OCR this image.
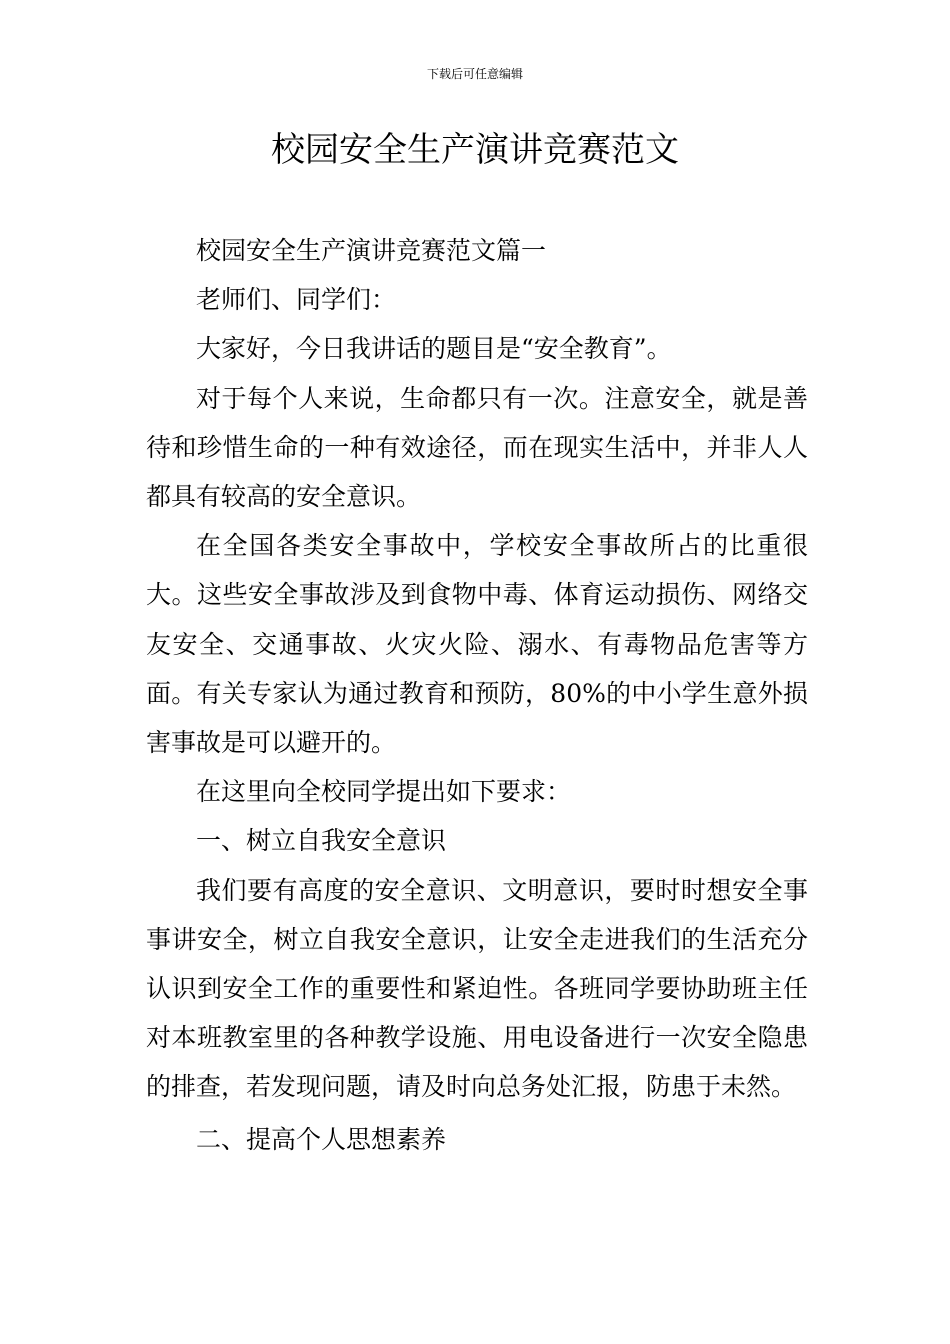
下载后可任意编辑
校园安全生产演讲竞赛范文

校园安全生产演讲竞赛范文篇一

老师们、同学们：

大家好，今日我讲话的题目是“安全教育”。

对于每个人来说，生命都只有一次。注意安全，就是善待和珍惜生命的一种有效途径，而在现实生活中，并非人人都具有较高的安全意识。

在全国各类安全事故中，学校安全事故所占的比重很大。这些安全事故涉及到食物中毒、体育运动损伤、网络交友安全、交通事故、火灾火险、溺水、有毒物品危害等方面。有关专家认为通过教育和预防，80%的中小学生意外损害事故是可以避开的。

在这里向全校同学提出如下要求：

一、树立自我安全意识

我们要有高度的安全意识、文明意识，要时时想安全事事讲安全，树立自我安全意识，让安全走进我们的生活充分认识到安全工作的重要性和紧迫性。各班同学要协助班主任对本班教室里的各种教学设施、用电设备进行一次安全隐患的排查，若发现问题，请及时向总务处汇报，防患于未然。

二、提高个人思想素养
